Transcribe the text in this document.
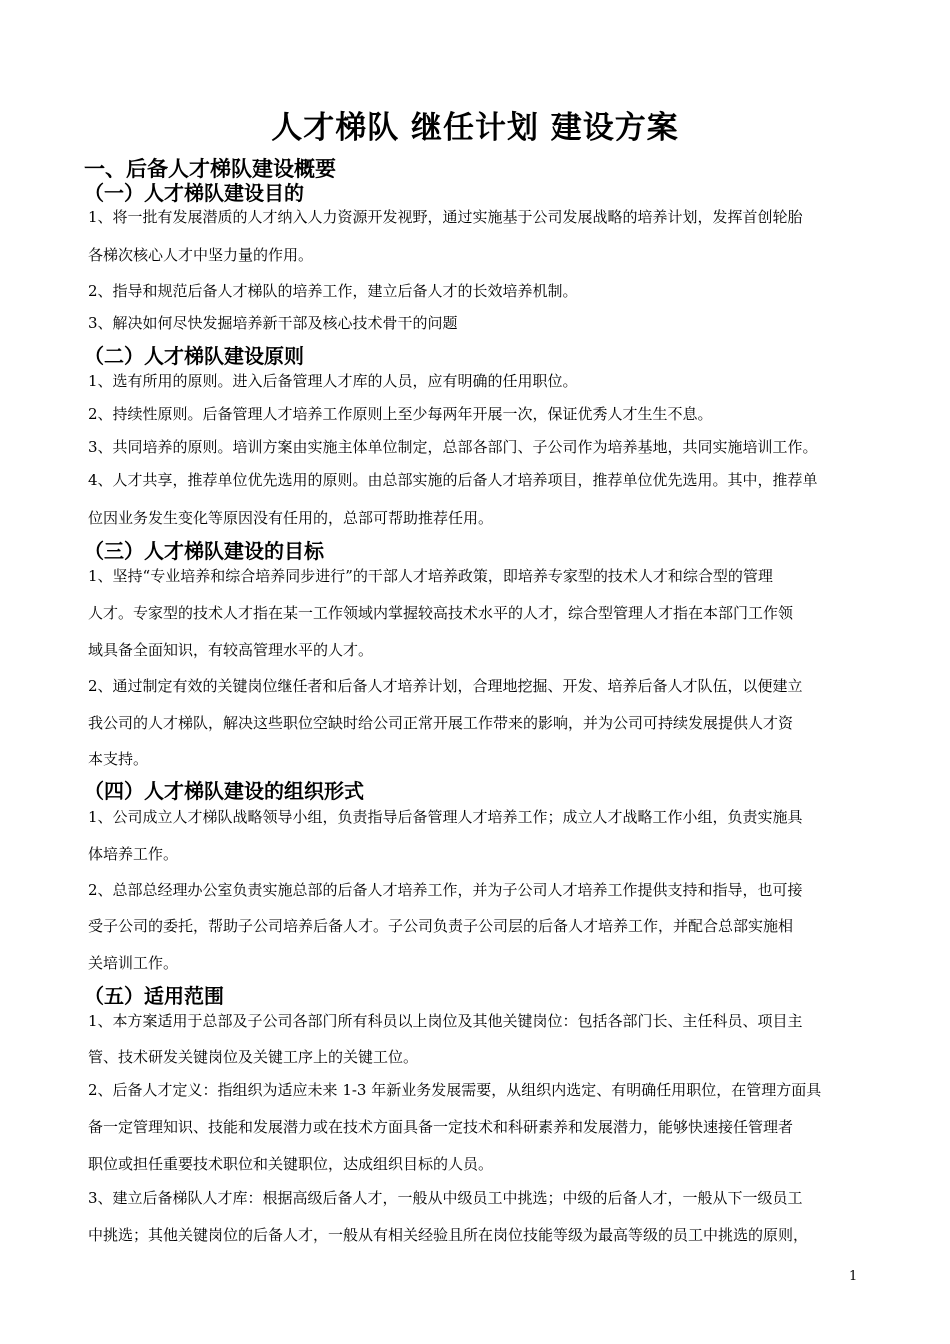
人才梯队 继任计划 建设方案
一、后备人才梯队建设概要
（一）人才梯队建设目的

1、将一批有发展潜质的人才纳入人力资源开发视野，通过实施基于公司发展战略的培养计划，发挥首创轮胎

各梯次核心人才中坚力量的作用。

2、指导和规范后备人才梯队的培养工作，建立后备人才的长效培养机制。

3、解决如何尽快发掘培养新干部及核心技术骨干的问题

（二）人才梯队建设原则

1、选有所用的原则。进入后备管理人才库的人员，应有明确的任用职位。

2、持续性原则。后备管理人才培养工作原则上至少每两年开展一次，保证优秀人才生生不息。

3、共同培养的原则。培训方案由实施主体单位制定，总部各部门、子公司作为培养基地，共同实施培训工作。

4、人才共享，推荐单位优先选用的原则。由总部实施的后备人才培养项目，推荐单位优先选用。其中，推荐单

位因业务发生变化等原因没有任用的，总部可帮助推荐任用。

（三）人才梯队建设的目标

1、坚持“专业培养和综合培养同步进行”的干部人才培养政策，即培养专家型的技术人才和综合型的管理

人才。专家型的技术人才指在某一工作领域内掌握较高技术水平的人才，综合型管理人才指在本部门工作领

域具备全面知识，有较高管理水平的人才。

2、通过制定有效的关键岗位继任者和后备人才培养计划，合理地挖掘、开发、培养后备人才队伍，以便建立

我公司的人才梯队，解决这些职位空缺时给公司正常开展工作带来的影响，并为公司可持续发展提供人才资

本支持。

（四）人才梯队建设的组织形式

1、公司成立人才梯队战略领导小组，负责指导后备管理人才培养工作；成立人才战略工作小组，负责实施具

体培养工作。

2、总部总经理办公室负责实施总部的后备人才培养工作，并为子公司人才培养工作提供支持和指导，也可接

受子公司的委托，帮助子公司培养后备人才。子公司负责子公司层的后备人才培养工作，并配合总部实施相

关培训工作。

（五）适用范围

1、本方案适用于总部及子公司各部门所有科员以上岗位及其他关键岗位：包括各部门长、主任科员、项目主

管、技术研发关键岗位及关键工序上的关键工位。

2、后备人才定义：指组织为适应未来 1-3 年新业务发展需要，从组织内选定、有明确任用职位，在管理方面具

备一定管理知识、技能和发展潜力或在技术方面具备一定技术和科研素养和发展潜力，能够快速接任管理者

职位或担任重要技术职位和关键职位，达成组织目标的人员。

3、建立后备梯队人才库：根据高级后备人才，一般从中级员工中挑选；中级的后备人才，一般从下一级员工

中挑选；其他关键岗位的后备人才，一般从有相关经验且所在岗位技能等级为最高等级的员工中挑选的原则，

1
